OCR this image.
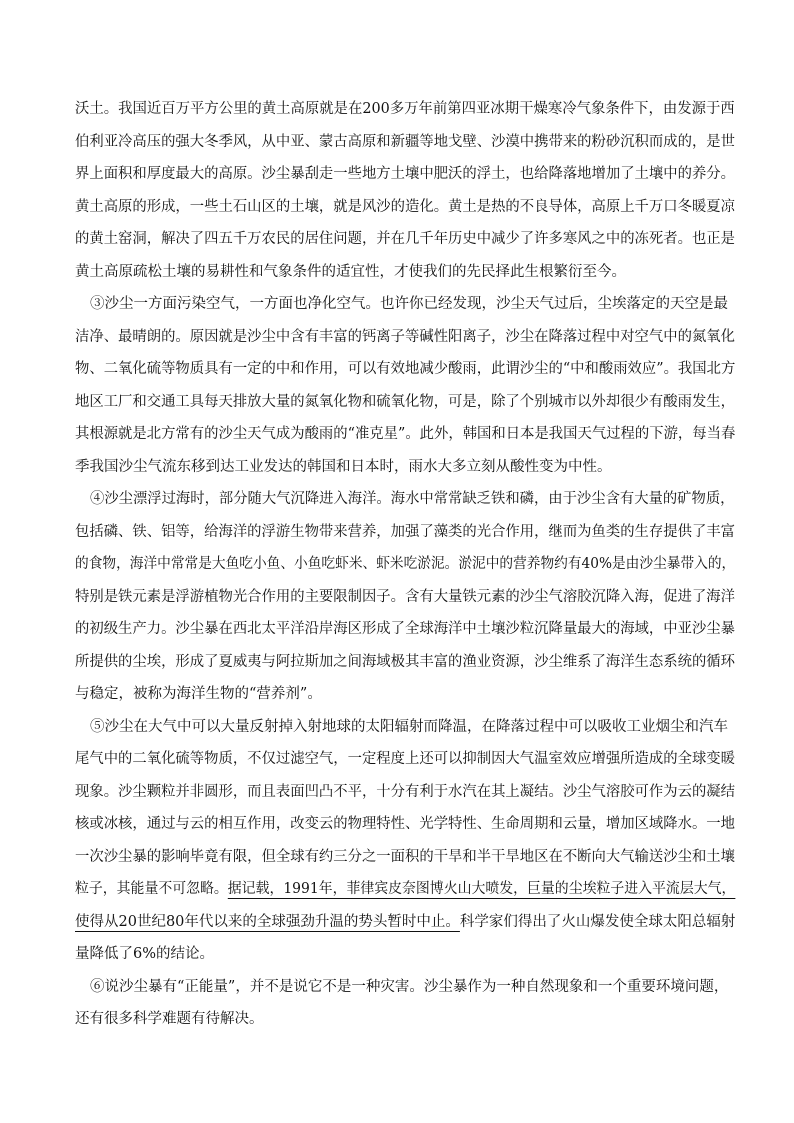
沃土。我国近百万平方公里的黄土高原就是在200多万年前第四亚冰期干燥寒冷气象条件下，由发源于西
伯利亚冷高压的强大冬季风，从中亚、蒙古高原和新疆等地戈壁、沙漠中携带来的粉砂沉积而成的，是世
界上面积和厚度最大的高原。沙尘暴刮走一些地方土壤中肥沃的浮土，也给降落地增加了土壤中的养分。
黄土高原的形成，一些土石山区的土壤，就是风沙的造化。黄土是热的不良导体，高原上千万口冬暖夏凉
的黄土窑洞，解决了四五千万农民的居住问题，并在几千年历史中减少了许多寒风之中的冻死者。也正是
黄土高原疏松土壤的易耕性和气象条件的适宜性，才使我们的先民择此生根繁衍至今。
③沙尘一方面污染空气，一方面也净化空气。也许你已经发现，沙尘天气过后，尘埃落定的天空是最
洁净、最晴朗的。原因就是沙尘中含有丰富的钙离子等碱性阳离子，沙尘在降落过程中对空气中的氮氧化
物、二氧化硫等物质具有一定的中和作用，可以有效地减少酸雨，此谓沙尘的“中和酸雨效应”。我国北方
地区工厂和交通工具每天排放大量的氮氧化物和硫氧化物，可是，除了个别城市以外却很少有酸雨发生，
其根源就是北方常有的沙尘天气成为酸雨的“准克星”。此外，韩国和日本是我国天气过程的下游，每当春
季我国沙尘气流东移到达工业发达的韩国和日本时，雨水大多立刻从酸性变为中性。
④沙尘漂浮过海时，部分随大气沉降进入海洋。海水中常常缺乏铁和磷，由于沙尘含有大量的矿物质，
包括磷、铁、铝等，给海洋的浮游生物带来营养，加强了藻类的光合作用，继而为鱼类的生存提供了丰富
的食物，海洋中常常是大鱼吃小鱼、小鱼吃虾米、虾米吃淤泥。淤泥中的营养物约有40%是由沙尘暴带入的，
特别是铁元素是浮游植物光合作用的主要限制因子。含有大量铁元素的沙尘气溶胶沉降入海，促进了海洋
的初级生产力。沙尘暴在西北太平洋沿岸海区形成了全球海洋中土壤沙粒沉降量最大的海域，中亚沙尘暴
所提供的尘埃，形成了夏威夷与阿拉斯加之间海域极其丰富的渔业资源，沙尘维系了海洋生态系统的循环
与稳定，被称为海洋生物的“营养剂”。
⑤沙尘在大气中可以大量反射掉入射地球的太阳辐射而降温，在降落过程中可以吸收工业烟尘和汽车
尾气中的二氧化硫等物质，不仅过滤空气，一定程度上还可以抑制因大气温室效应增强所造成的全球变暖
现象。沙尘颗粒并非圆形，而且表面凹凸不平，十分有利于水汽在其上凝结。沙尘气溶胶可作为云的凝结
核或冰核，通过与云的相互作用，改变云的物理特性、光学特性、生命周期和云量，增加区域降水。一地
一次沙尘暴的影响毕竟有限，但全球有约三分之一面积的干旱和半干旱地区在不断向大气输送沙尘和土壤
粒子，其能量不可忽略。据记载，1991年，菲律宾皮奈图博火山大喷发，巨量的尘埃粒子进入平流层大气，
使得从20世纪80年代以来的全球强劲升温的势头暂时中止。科学家们得出了火山爆发使全球太阳总辐射
量降低了6%的结论。
⑥说沙尘暴有“正能量”，并不是说它不是一种灾害。沙尘暴作为一种自然现象和一个重要环境问题，
还有很多科学难题有待解决。
